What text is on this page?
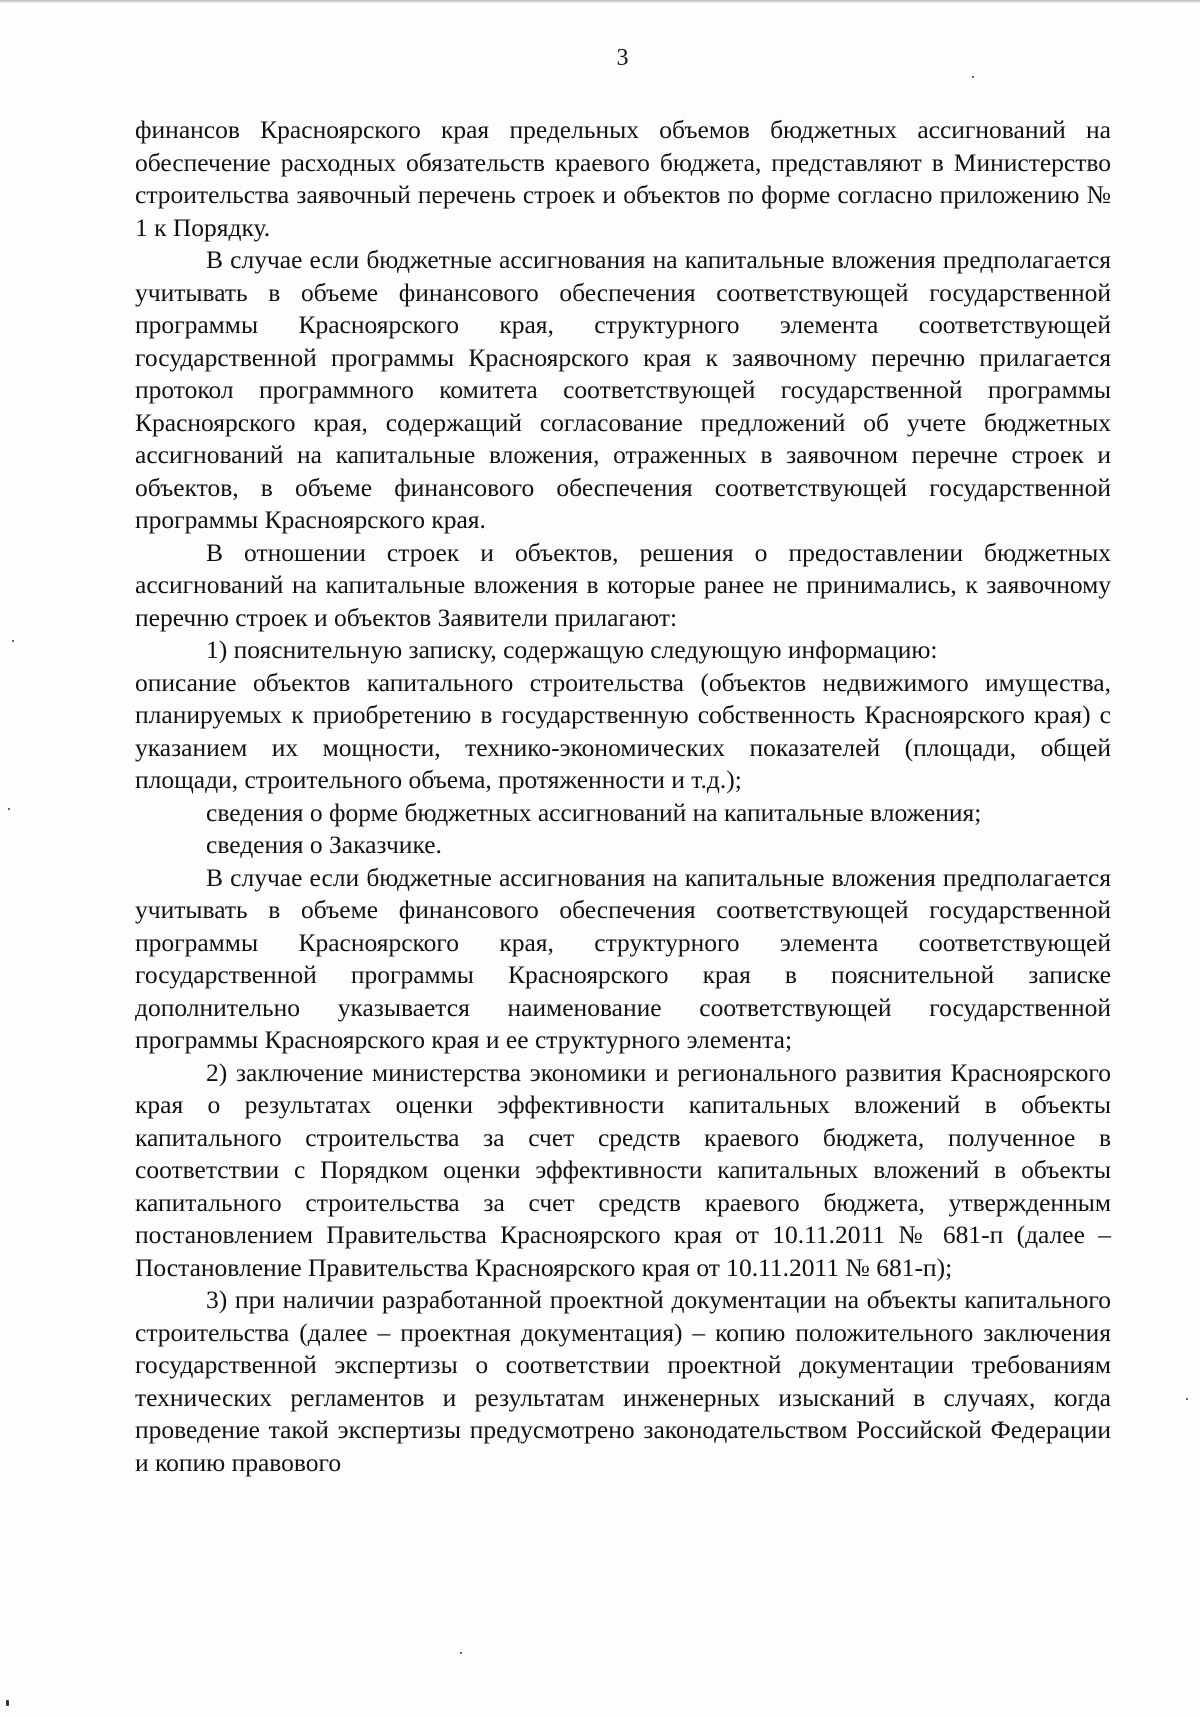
3

финансов Красноярского края предельных объемов бюджетных ассигнований на обеспечение расходных обязательств краевого бюджета, представляют в Министерство строительства заявочный перечень строек и объектов по форме согласно приложению № 1 к Порядку.

В случае если бюджетные ассигнования на капитальные вложения предполагается учитывать в объеме финансового обеспечения соответствующей государственной программы Красноярского края, структурного элемента соответствующей государственной программы Красноярского края к заявочному перечню прилагается протокол программного комитета соответствующей государственной программы Красноярского края, содержащий согласование предложений об учете бюджетных ассигнований на капитальные вложения, отраженных в заявочном перечне строек и объектов, в объеме финансового обеспечения соответствующей государственной программы Красноярского края.

В отношении строек и объектов, решения о предоставлении бюджетных ассигнований на капитальные вложения в которые ранее не принимались, к заявочному перечню строек и объектов Заявители прилагают:

1) пояснительную записку, содержащую следующую информацию:

описание объектов капитального строительства (объектов недвижимого имущества, планируемых к приобретению в государственную собственность Красноярского края) с указанием их мощности, технико-экономических показателей (площади, общей площади, строительного объема, протяженности и т.д.);

сведения о форме бюджетных ассигнований на капитальные вложения;

сведения о Заказчике.

В случае если бюджетные ассигнования на капитальные вложения предполагается учитывать в объеме финансового обеспечения соответствующей государственной программы Красноярского края, структурного элемента соответствующей государственной программы Красноярского края в пояснительной записке дополнительно указывается наименование соответствующей государственной программы Красноярского края и ее структурного элемента;

2) заключение министерства экономики и регионального развития Красноярского края о результатах оценки эффективности капитальных вложений в объекты капитального строительства за счет средств краевого бюджета, полученное в соответствии с Порядком оценки эффективности капитальных вложений в объекты капитального строительства за счет средств краевого бюджета, утвержденным постановлением Правительства Красноярского края от 10.11.2011 № 681-п (далее – Постановление Правительства Красноярского края от 10.11.2011 № 681-п);

3) при наличии разработанной проектной документации на объекты капитального строительства (далее – проектная документация) – копию положительного заключения государственной экспертизы о соответствии проектной документации требованиям технических регламентов и результатам инженерных изысканий в случаях, когда проведение такой экспертизы предусмотрено законодательством Российской Федерации и копию правового
